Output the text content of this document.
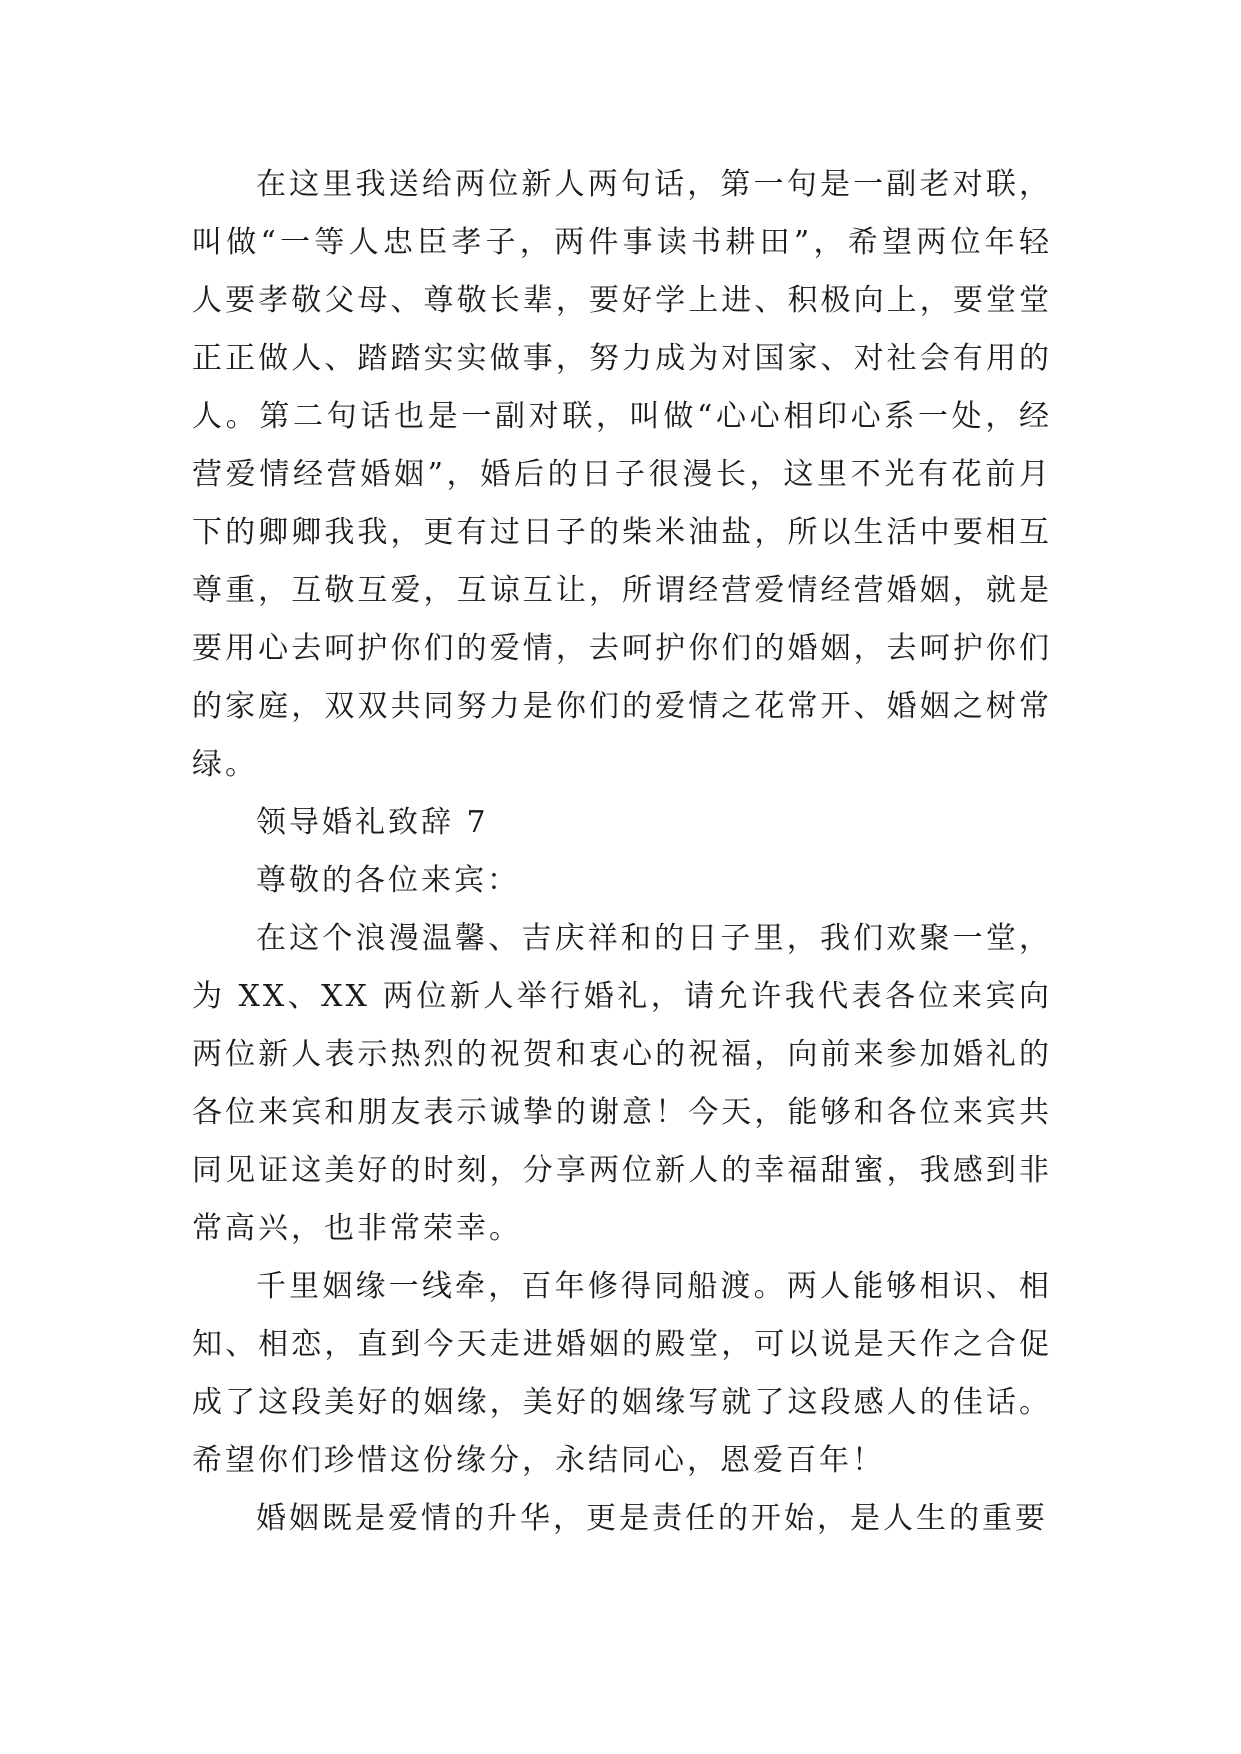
在这里我送给两位新人两句话，第一句是一副老对联，叫做“一等人忠臣孝子，两件事读书耕田”，希望两位年轻人要孝敬父母、尊敬长辈，要好学上进、积极向上，要堂堂正正做人、踏踏实实做事，努力成为对国家、对社会有用的人。第二句话也是一副对联，叫做“心心相印心系一处，经营爱情经营婚姻”，婚后的日子很漫长，这里不光有花前月下的卿卿我我，更有过日子的柴米油盐，所以生活中要相互尊重，互敬互爱，互谅互让，所谓经营爱情经营婚姻，就是要用心去呵护你们的爱情，去呵护你们的婚姻，去呵护你们的家庭，双双共同努力是你们的爱情之花常开、婚姻之树常绿。

领导婚礼致辞 7

尊敬的各位来宾：

在这个浪漫温馨、吉庆祥和的日子里，我们欢聚一堂，为 XX、XX 两位新人举行婚礼，请允许我代表各位来宾向两位新人表示热烈的祝贺和衷心的祝福，向前来参加婚礼的各位来宾和朋友表示诚挚的谢意！今天，能够和各位来宾共同见证这美好的时刻，分享两位新人的幸福甜蜜，我感到非常高兴，也非常荣幸。

千里姻缘一线牵，百年修得同船渡。两人能够相识、相知、相恋，直到今天走进婚姻的殿堂，可以说是天作之合促成了这段美好的姻缘，美好的姻缘写就了这段感人的佳话。希望你们珍惜这份缘分，永结同心，恩爱百年！

婚姻既是爱情的升华，更是责任的开始，是人生的重要
